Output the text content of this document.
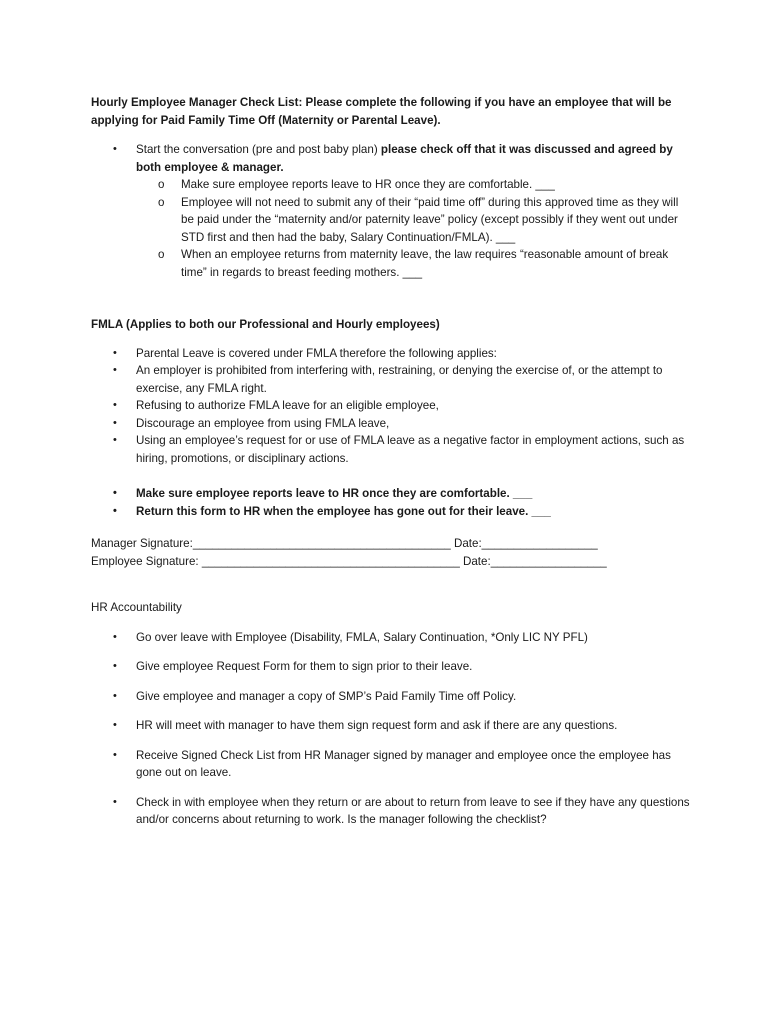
Hourly Employee Manager Check List: Please complete the following if you have an employee that will be applying for Paid Family Time Off (Maternity or Parental Leave).

• Start the conversation (pre and post baby plan) please check off that it was discussed and agreed by both employee & manager.
o Make sure employee reports leave to HR once they are comfortable. ___
o Employee will not need to submit any of their “paid time off” during this approved time as they will be paid under the “maternity and/or paternity leave” policy (except possibly if they went out under STD first and then had the baby, Salary Continuation/FMLA). ___
o When an employee returns from maternity leave, the law requires “reasonable amount of break time” in regards to breast feeding mothers. ___

FMLA (Applies to both our Professional and Hourly employees)

• Parental Leave is covered under FMLA therefore the following applies:
• An employer is prohibited from interfering with, restraining, or denying the exercise of, or the attempt to exercise, any FMLA right.
• Refusing to authorize FMLA leave for an eligible employee,
• Discourage an employee from using FMLA leave,
• Using an employee’s request for or use of FMLA leave as a negative factor in employment actions, such as hiring, promotions, or disciplinary actions.
• Make sure employee reports leave to HR once they are comfortable. ___
• Return this form to HR when the employee has gone out for their leave. ___
Manager Signature:________________________________________ Date:__________________
Employee Signature: ________________________________________ Date:__________________

HR Accountability

• Go over leave with Employee (Disability, FMLA, Salary Continuation, *Only LIC NY PFL)
• Give employee Request Form for them to sign prior to their leave.
• Give employee and manager a copy of SMP’s Paid Family Time off Policy.
• HR will meet with manager to have them sign request form and ask if there are any questions.
• Receive Signed Check List from HR Manager signed by manager and employee once the employee has gone out on leave.
• Check in with employee when they return or are about to return from leave to see if they have any questions and/or concerns about returning to work. Is the manager following the checklist?
